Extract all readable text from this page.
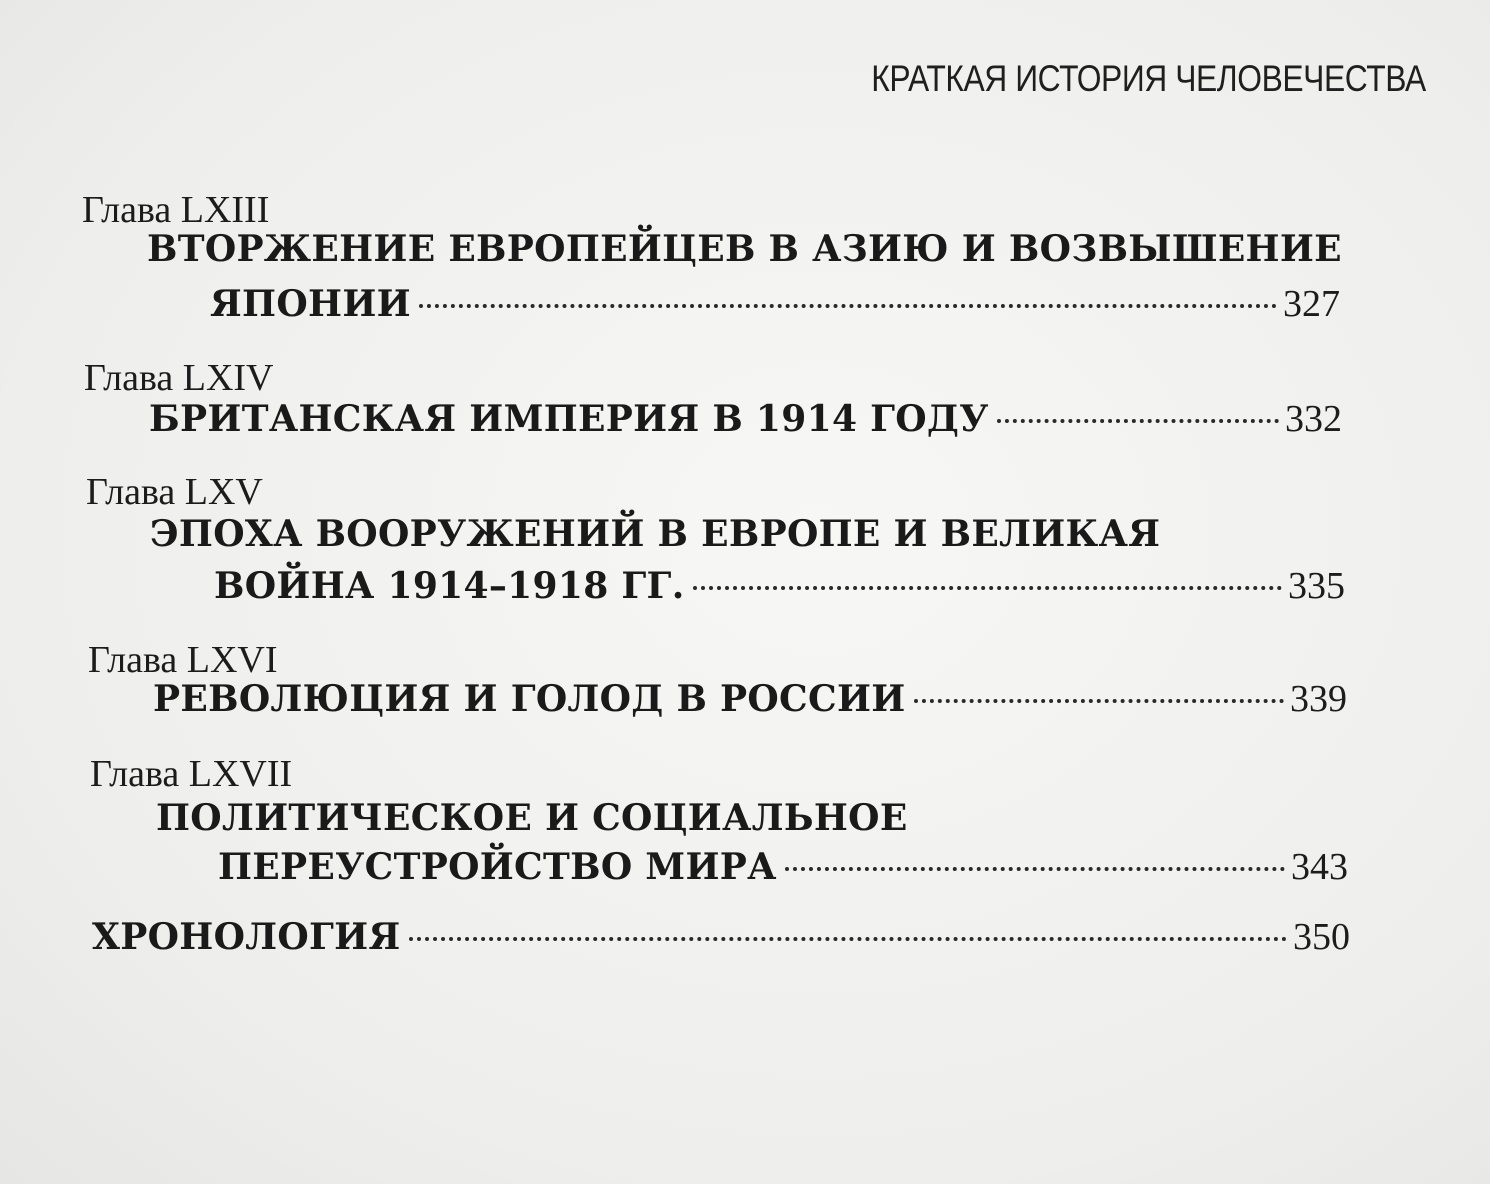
КРАТКАЯ ИСТОРИЯ ЧЕЛОВЕЧЕСТВА
Глава LXIII
ВТОРЖЕНИЕ ЕВРОПЕЙЦЕВ В АЗИЮ И ВОЗВЫШЕНИЕ
ЯПОНИИ	327
Глава LXIV
БРИТАНСКАЯ ИМПЕРИЯ В 1914 ГОДУ	332
Глава LXV
ЭПОХА ВООРУЖЕНИЙ В ЕВРОПЕ И ВЕЛИКАЯ
ВОЙНА 1914–1918 ГГ.	335
Глава LXVI
РЕВОЛЮЦИЯ И ГОЛОД В РОССИИ	339
Глава LXVII
ПОЛИТИЧЕСКОЕ И СОЦИАЛЬНОЕ
ПЕРЕУСТРОЙСТВО МИРА	343
ХРОНОЛОГИЯ	350
